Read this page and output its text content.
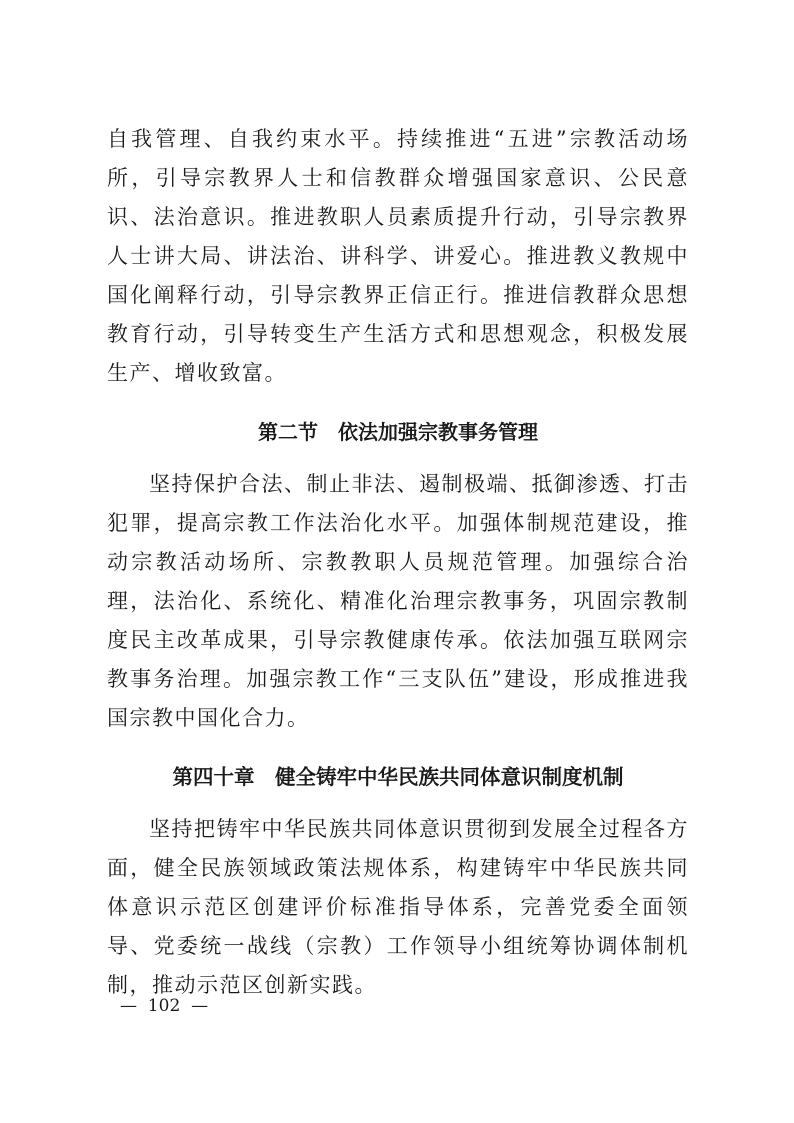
自我管理、自我约束水平。持续推进“五进”宗教活动场所，引导宗教界人士和信教群众增强国家意识、公民意识、法治意识。推进教职人员素质提升行动，引导宗教界人士讲大局、讲法治、讲科学、讲爱心。推进教义教规中国化阐释行动，引导宗教界正信正行。推进信教群众思想教育行动，引导转变生产生活方式和思想观念，积极发展生产、增收致富。

第二节　依法加强宗教事务管理

坚持保护合法、制止非法、遏制极端、抵御渗透、打击犯罪，提高宗教工作法治化水平。加强体制规范建设，推动宗教活动场所、宗教教职人员规范管理。加强综合治理，法治化、系统化、精准化治理宗教事务，巩固宗教制度民主改革成果，引导宗教健康传承。依法加强互联网宗教事务治理。加强宗教工作“三支队伍”建设，形成推进我国宗教中国化合力。

第四十章　健全铸牢中华民族共同体意识制度机制

坚持把铸牢中华民族共同体意识贯彻到发展全过程各方面，健全民族领域政策法规体系，构建铸牢中华民族共同体意识示范区创建评价标准指导体系，完善党委全面领导、党委统一战线（宗教）工作领导小组统筹协调体制机制，推动示范区创新实践。

—  102  —
